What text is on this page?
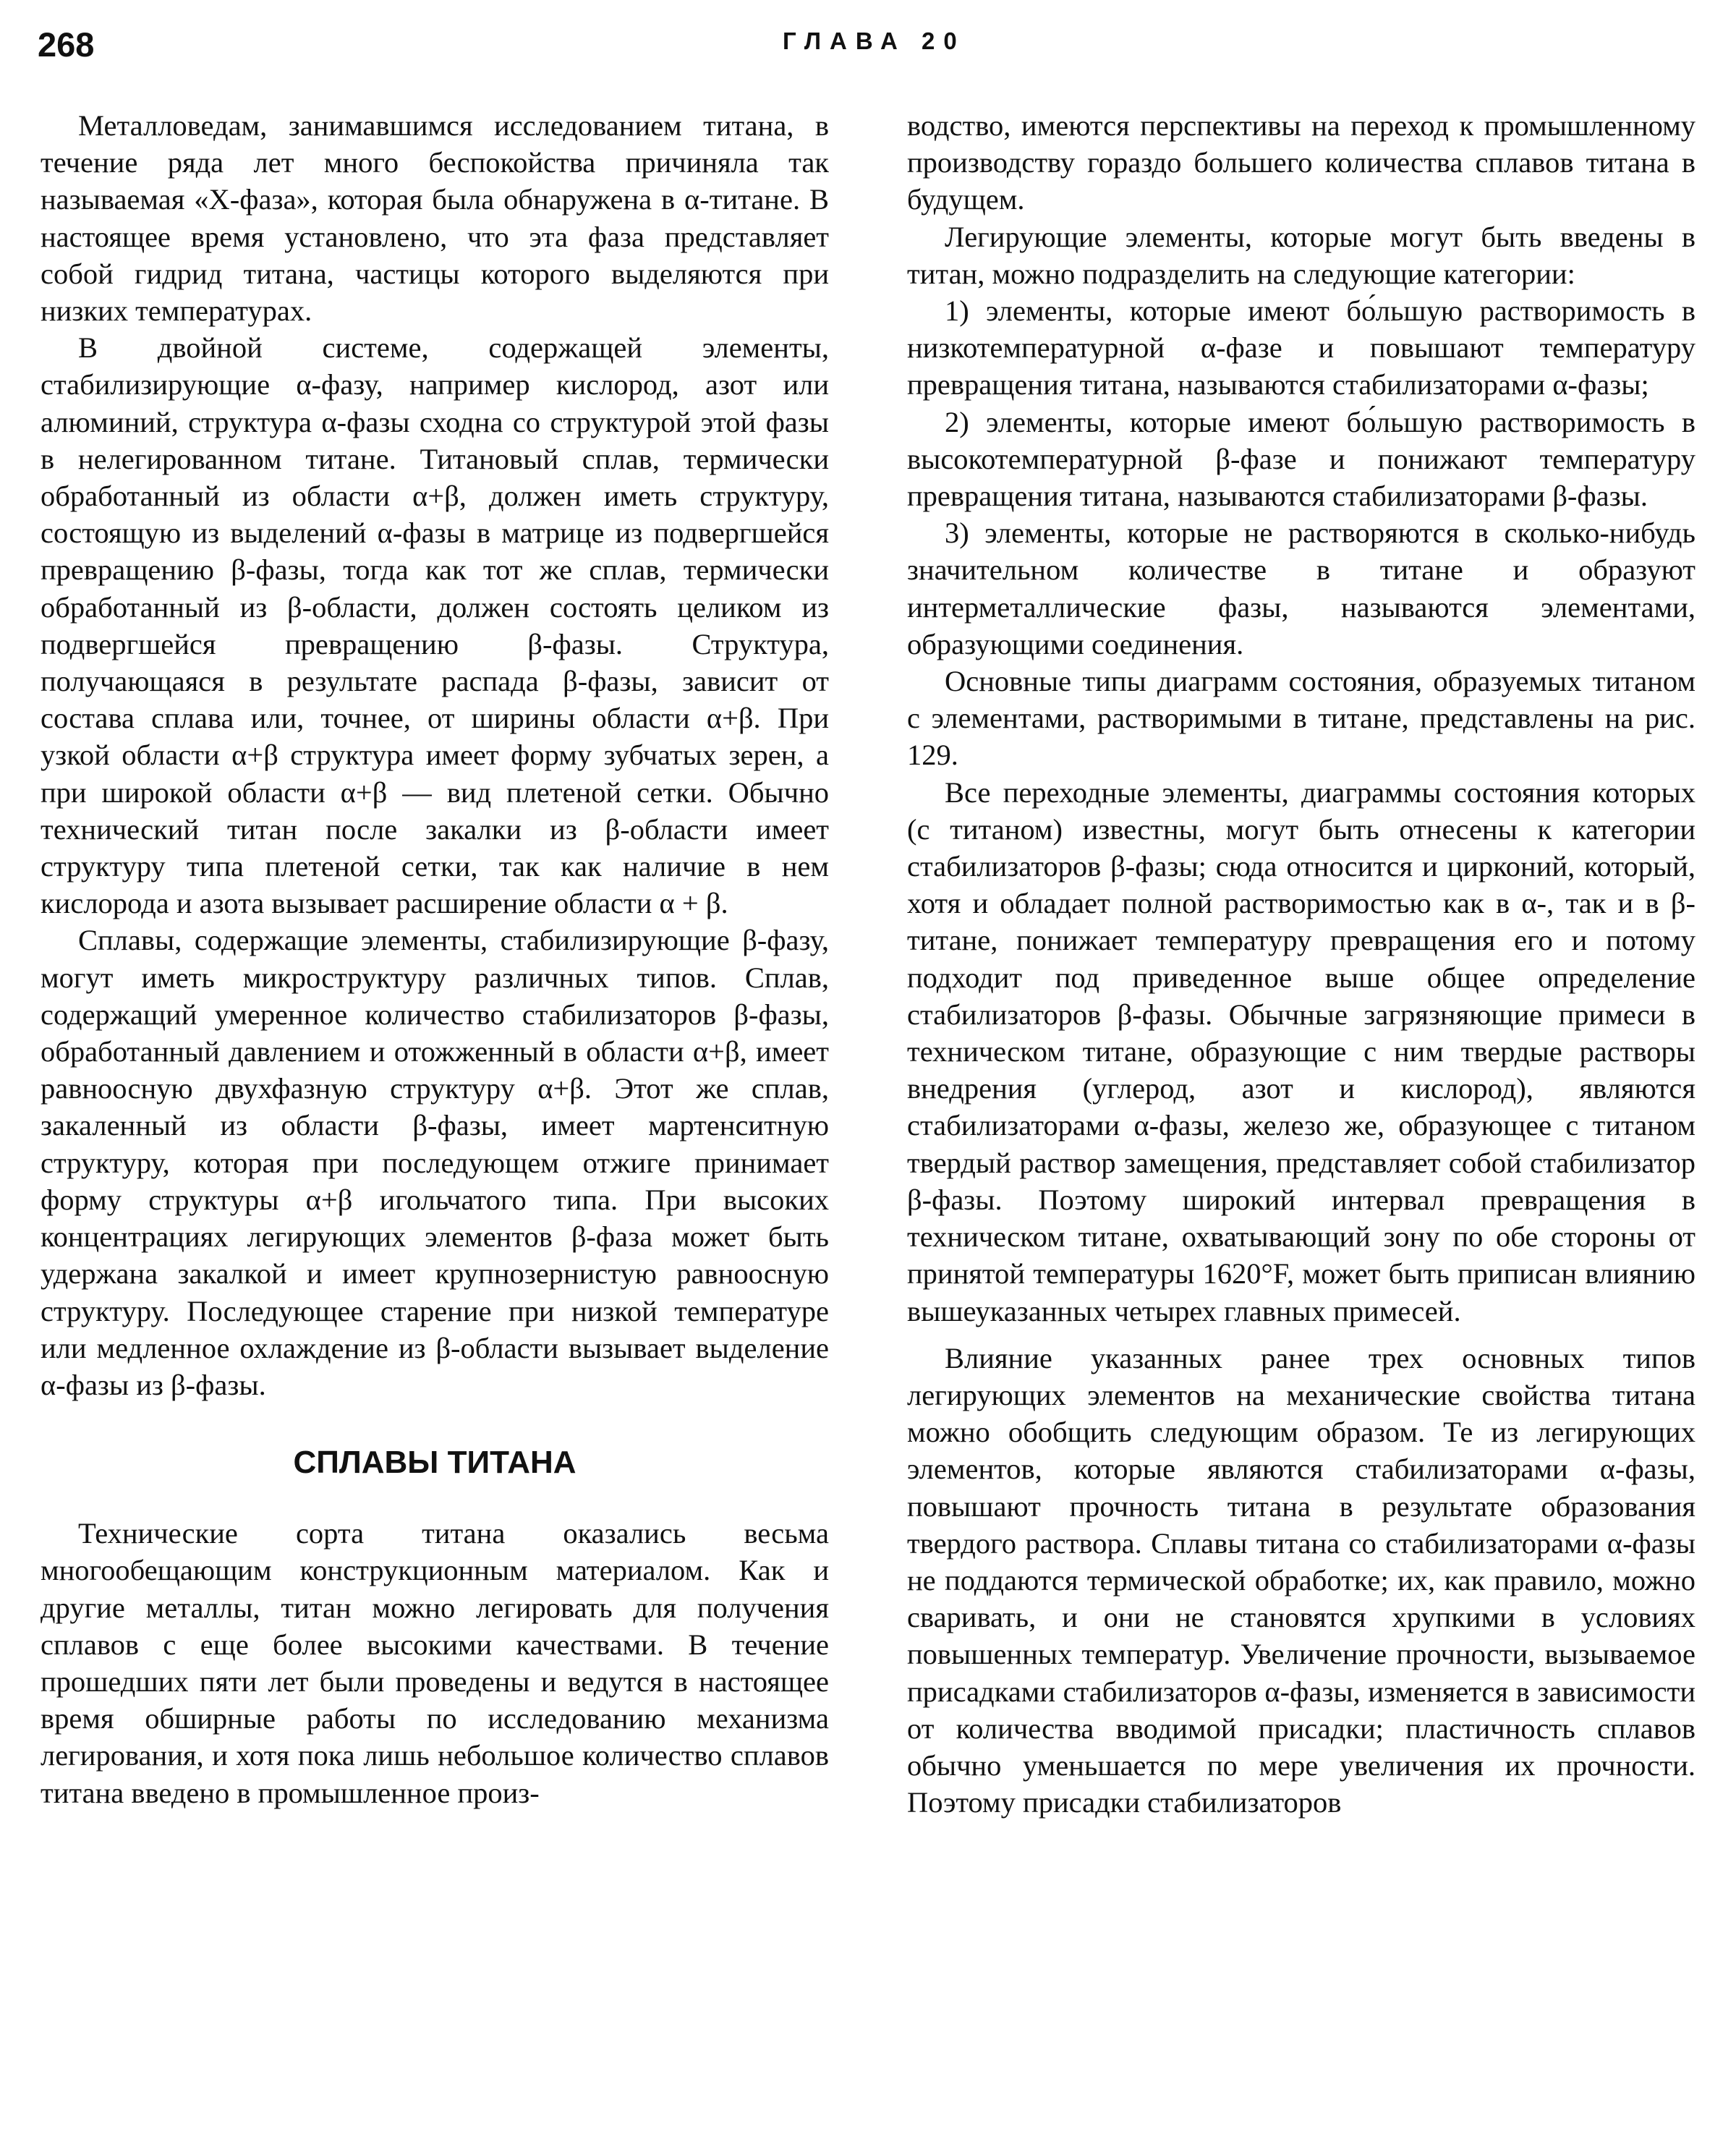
268	ГЛАВА 20

Металловедам, занимавшимся исследованием титана, в течение ряда лет много беспокойства причиняла так называемая «Х-фаза», которая была обнаружена в α-титане. В настоящее время установлено, что эта фаза представляет собой гидрид титана, частицы которого выделяются при низких температурах.

В двойной системе, содержащей элементы, стабилизирующие α-фазу, например кислород, азот или алюминий, структура α-фазы сходна со структурой этой фазы в нелегированном титане. Титановый сплав, термически обработанный из области α+β, должен иметь структуру, состоящую из выделений α-фазы в матрице из подвергшейся превращению β-фазы, тогда как тот же сплав, термически обработанный из β-области, должен состоять целиком из подвергшейся превращению β-фазы. Структура, получающаяся в результате распада β-фазы, зависит от состава сплава или, точнее, от ширины области α+β. При узкой области α+β структура имеет форму зубчатых зерен, а при широкой области α+β — вид плетеной сетки. Обычно технический титан после закалки из β-области имеет структуру типа плетеной сетки, так как наличие в нем кислорода и азота вызывает расширение области α + β.

Сплавы, содержащие элементы, стабилизирующие β-фазу, могут иметь микроструктуру различных типов. Сплав, содержащий умеренное количество стабилизаторов β-фазы, обработанный давлением и отожженный в области α+β, имеет равноосную двухфазную структуру α+β. Этот же сплав, закаленный из области β-фазы, имеет мартенситную структуру, которая при последующем отжиге принимает форму структуры α+β игольчатого типа. При высоких концентрациях легирующих элементов β-фаза может быть удержана закалкой и имеет крупнозернистую равноосную структуру. Последующее старение при низкой температуре или медленное охлаждение из β-области вызывает выделение α-фазы из β-фазы.

СПЛАВЫ ТИТАНА

Технические сорта титана оказались весьма многообещающим конструкционным материалом. Как и другие металлы, титан можно легировать для получения сплавов с еще более высокими качествами. В течение прошедших пяти лет были проведены и ведутся в настоящее время обширные работы по исследованию механизма легирования, и хотя пока лишь небольшое количество сплавов титана введено в промышленное произ-

водство, имеются перспективы на переход к промышленному производству гораздо большего количества сплавов титана в будущем.

Легирующие элементы, которые могут быть введены в титан, можно подразделить на следующие категории:

1) элементы, которые имеют бо́льшую растворимость в низкотемпературной α-фазе и повышают температуру превращения титана, называются стабилизаторами α-фазы;

2) элементы, которые имеют бо́льшую растворимость в высокотемпературной β-фазе и понижают температуру превращения титана, называются стабилизаторами β-фазы.

3) элементы, которые не растворяются в сколько-нибудь значительном количестве в титане и образуют интерметаллические фазы, называются элементами, образующими соединения.

Основные типы диаграмм состояния, образуемых титаном с элементами, растворимыми в титане, представлены на рис. 129.

Все переходные элементы, диаграммы состояния которых (с титаном) известны, могут быть отнесены к категории стабилизаторов β-фазы; сюда относится и цирконий, который, хотя и обладает полной растворимостью как в α-, так и в β-титане, понижает температуру превращения его и потому подходит под приведенное выше общее определение стабилизаторов β-фазы. Обычные загрязняющие примеси в техническом титане, образующие с ним твердые растворы внедрения (углерод, азот и кислород), являются стабилизаторами α-фазы, железо же, образующее с титаном твердый раствор замещения, представляет собой стабилизатор β-фазы. Поэтому широкий интервал превращения в техническом титане, охватывающий зону по обе стороны от принятой температуры 1620°F, может быть приписан влиянию вышеуказанных четырех главных примесей.

Влияние указанных ранее трех основных типов легирующих элементов на механические свойства титана можно обобщить следующим образом. Те из легирующих элементов, которые являются стабилизаторами α-фазы, повышают прочность титана в результате образования твердого раствора. Сплавы титана со стабилизаторами α-фазы не поддаются термической обработке; их, как правило, можно сваривать, и они не становятся хрупкими в условиях повышенных температур. Увеличение прочности, вызываемое присадками стабилизаторов α-фазы, изменяется в зависимости от количества вводимой присадки; пластичность сплавов обычно уменьшается по мере увеличения их прочности. Поэтому присадки стабилизаторов
